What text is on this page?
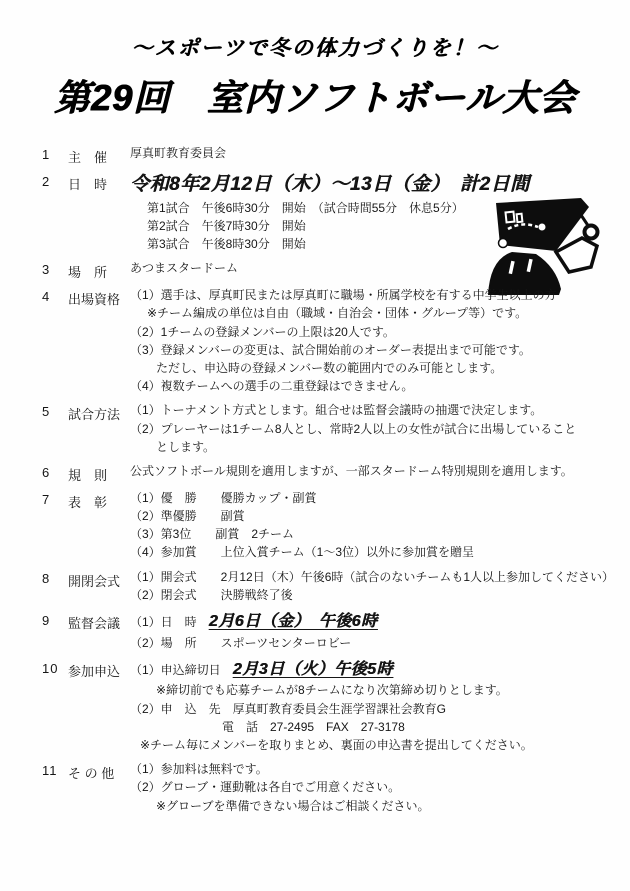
～スポーツで冬の体力づくりを！～
第29回　室内ソフトボール大会
1	主　催	厚真町教育委員会
2	日　時	令和8年2月12日（木）～13日（金）　計2日間
第1試合　午後6時30分　開始　（試合時間55分　休息5分）
第2試合　午後7時30分　開始
第3試合　午後8時30分　開始
3	場　所	あつまスタードーム
4	出場資格 （1）選手は、厚真町民または厚真町に職場・所属学校を有する中学生以上の方
※チーム編成の単位は自由（職域・自治会・団体・グループ等）です。
（2）1チームの登録メンバーの上限は20人です。
（3）登録メンバーの変更は、試合開始前のオーダー表提出まで可能です。
ただし、申込時の登録メンバー数の範囲内でのみ可能とします。
（4）複数チームへの選手の二重登録はできません。
5	試合方法 （1）トーナメント方式とします。組合せは監督会議時の抽選で決定します。
（2）プレーヤーは1チーム8人とし、常時2人以上の女性が試合に出場していること
とします。
6	規　則	公式ソフトボール規則を適用しますが、一部スタードーム特別規則を適用します。
7	表　彰	（1）優　勝　　優勝カップ・副賞
（2）準優勝　　副賞
（3）第3位　　副賞　2チーム
（4）参加賞　　上位入賞チーム（1～3位）以外に参加賞を贈呈
8	開閉会式 （1）開会式　　2月12日（木）午後6時（試合のないチームも1人以上参加してください）
（2）閉会式　　決勝戦終了後
9	監督会議 （1）日　時　2月6日（金）　午後6時
（2）場　所　　スポーツセンターロビー
10 参加申込 （1）申込締切日　2月3日（火）午後5時
※締切前でも応募チームが8チームになり次第締め切りとします。
（2）申　込　先　厚真町教育委員会生涯学習課社会教育G
電　話　27-2495　FAX　27-3178
※チーム毎にメンバーを取りまとめ、裏面の申込書を提出してください。
11 そ の 他	（1）参加料は無料です。
（2）グローブ・運動靴は各自でご用意ください。
※グローブを準備できない場合はご相談ください。
